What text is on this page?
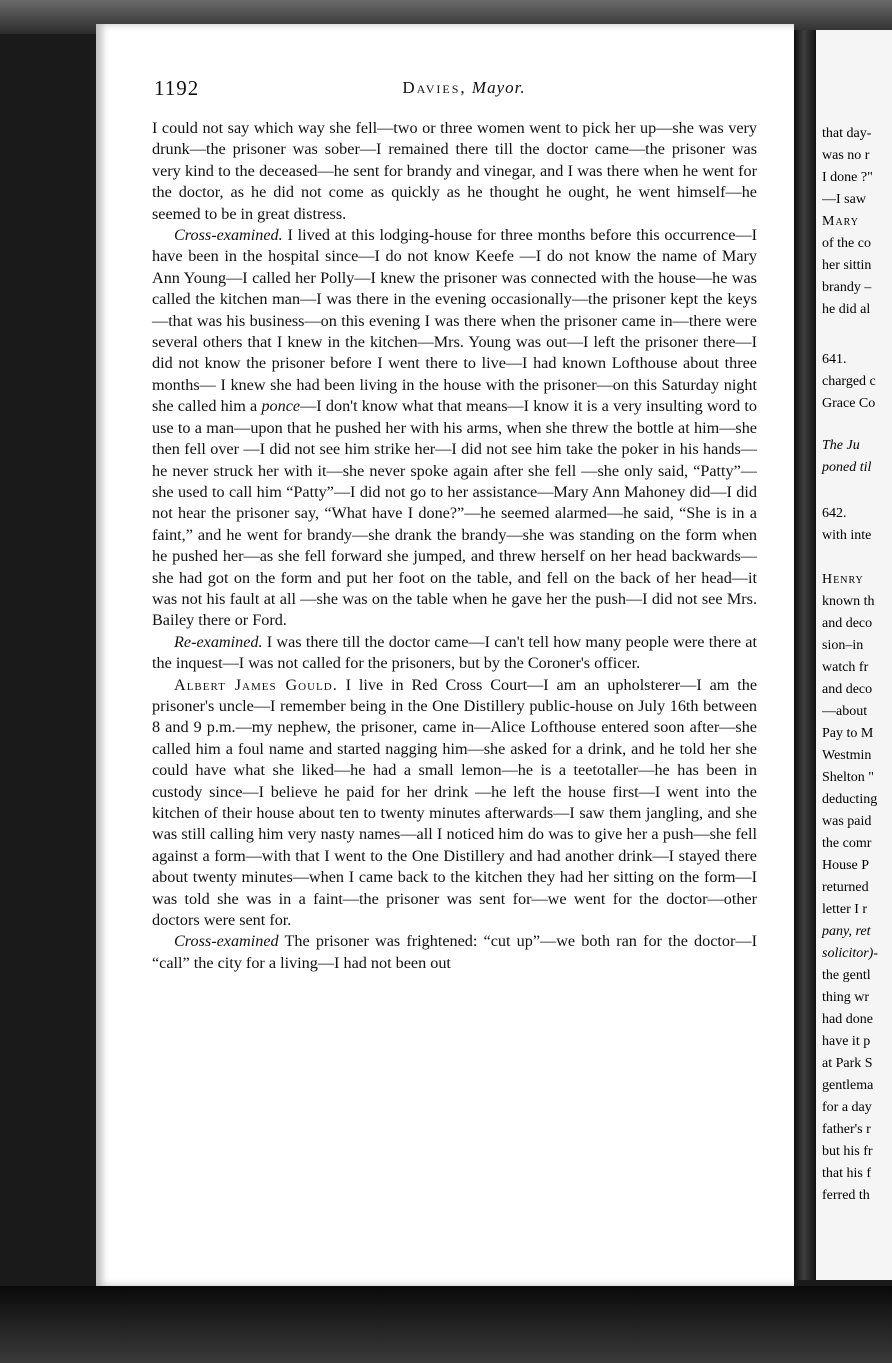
1192	Davies, Mayor.

I could not say which way she fell—two or three women went to pick her up—she was very drunk—the prisoner was sober—I remained there till the doctor came—the prisoner was very kind to the deceased—he sent for brandy and vinegar, and I was there when he went for the doctor, as he did not come as quickly as he thought he ought, he went himself—he seemed to be in great distress.

Cross-examined. I lived at this lodging-house for three months before this occurrence—I have been in the hospital since—I do not know Keefe —I do not know the name of Mary Ann Young—I called her Polly—I knew the prisoner was connected with the house—he was called the kitchen man—I was there in the evening occasionally—the prisoner kept the keys —that was his business—on this evening I was there when the prisoner came in—there were several others that I knew in the kitchen—Mrs. Young was out—I left the prisoner there—I did not know the prisoner before I went there to live—I had known Lofthouse about three months— I knew she had been living in the house with the prisoner—on this Saturday night she called him a ponce—I don't know what that means—I know it is a very insulting word to use to a man—upon that he pushed her with his arms, when she threw the bottle at him—she then fell over —I did not see him strike her—I did not see him take the poker in his hands—he never struck her with it—she never spoke again after she fell —she only said, “Patty”—she used to call him “Patty”—I did not go to her assistance—Mary Ann Mahoney did—I did not hear the prisoner say, “What have I done?”—he seemed alarmed—he said, “She is in a faint,” and he went for brandy—she drank the brandy—she was standing on the form when he pushed her—as she fell forward she jumped, and threw herself on her head backwards—she had got on the form and put her foot on the table, and fell on the back of her head—it was not his fault at all —she was on the table when he gave her the push—I did not see Mrs. Bailey there or Ford.

Re-examined. I was there till the doctor came—I can't tell how many people were there at the inquest—I was not called for the prisoners, but by the Coroner's officer.

Albert James Gould. I live in Red Cross Court—I am an upholsterer—I am the prisoner's uncle—I remember being in the One Distillery public-house on July 16th between 8 and 9 p.m.—my nephew, the prisoner, came in—Alice Lofthouse entered soon after—she called him a foul name and started nagging him—she asked for a drink, and he told her she could have what she liked—he had a small lemon—he is a teetotaller—he has been in custody since—I believe he paid for her drink —he left the house first—I went into the kitchen of their house about ten to twenty minutes afterwards—I saw them jangling, and she was still calling him very nasty names—all I noticed him do was to give her a push—she fell against a form—with that I went to the One Distillery and had another drink—I stayed there about twenty minutes—when I came back to the kitchen they had her sitting on the form—I was told she was in a faint—the prisoner was sent for—we went for the doctor—other doctors were sent for.

Cross-examined The prisoner was frightened: “cut up”—we both ran for the doctor—I “call” the city for a living—I had not been out

that day-
was no r
I done ?"
—I saw
Mary
of the co
her sittin
brandy –
he did al
641.
charged c
Grace Co
The Ju
poned til
642.
with inte
Henry
known th
and deco
sion–in
watch fr
and deco
—about
Pay to M
Westmin
Shelton "
deducting
was paid
the comr
House P
returned
letter I r
pany, ret
solicitor)-
the gentl
thing wr
had done
have it p
at Park S
gentlema
for a day
father's r
but his fr
that his f
ferred th
